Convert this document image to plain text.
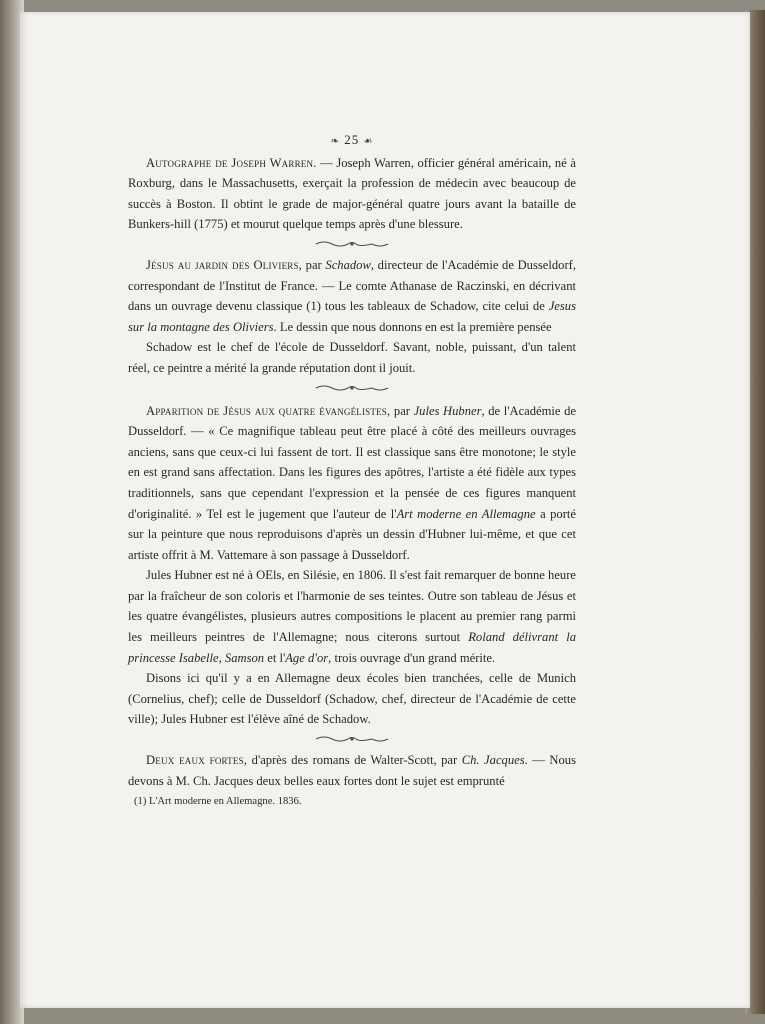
❧ 25 ☙

Autographe de Joseph Warren. — Joseph Warren, officier général américain, né à Roxburg, dans le Massachusetts, exerçait la profession de médecin avec beaucoup de succès à Boston. Il obtint le grade de major-général quatre jours avant la bataille de Bunkers-hill (1775) et mourut quelque temps après d'une blessure.

Jésus au jardin des Oliviers, par Schadow, directeur de l'Académie de Dusseldorf, correspondant de l'Institut de France. — Le comte Athanase de Raczinski, en décrivant dans un ouvrage devenu classique (1) tous les tableaux de Schadow, cite celui de Jesus sur la montagne des Oliviers. Le dessin que nous donnons en est la première pensée

Schadow est le chef de l'école de Dusseldorf. Savant, noble, puissant, d'un talent réel, ce peintre a mérité la grande réputation dont il jouit.

Apparition de Jésus aux quatre évangélistes, par Jules Hubner, de l'Académie de Dusseldorf. — « Ce magnifique tableau peut être placé à côté des meilleurs ouvrages anciens, sans que ceux-ci lui fassent de tort. Il est classique sans être monotone; le style en est grand sans affectation. Dans les figures des apôtres, l'artiste a été fidèle aux types traditionnels, sans que cependant l'expression et la pensée de ces figures manquent d'originalité. » Tel est le jugement que l'auteur de l'Art moderne en Allemagne a porté sur la peinture que nous reproduisons d'après un dessin d'Hubner lui-même, et que cet artiste offrit à M. Vattemare à son passage à Dusseldorf.

Jules Hubner est né à OEls, en Silésie, en 1806. Il s'est fait remarquer de bonne heure par la fraîcheur de son coloris et l'harmonie de ses teintes. Outre son tableau de Jésus et les quatre évangélistes, plusieurs autres compositions le placent au premier rang parmi les meilleurs peintres de l'Allemagne; nous citerons surtout Roland délivrant la princesse Isabelle, Samson et l'Age d'or, trois ouvrage d'un grand mérite.

Disons ici qu'il y a en Allemagne deux écoles bien tranchées, celle de Munich (Cornelius, chef); celle de Dusseldorf (Schadow, chef, directeur de l'Académie de cette ville); Jules Hubner est l'élève aîné de Schadow.

Deux eaux fortes, d'après des romans de Walter-Scott, par Ch. Jacques. — Nous devons à M. Ch. Jacques deux belles eaux fortes dont le sujet est emprunté

(1) L'Art moderne en Allemagne. 1836.
